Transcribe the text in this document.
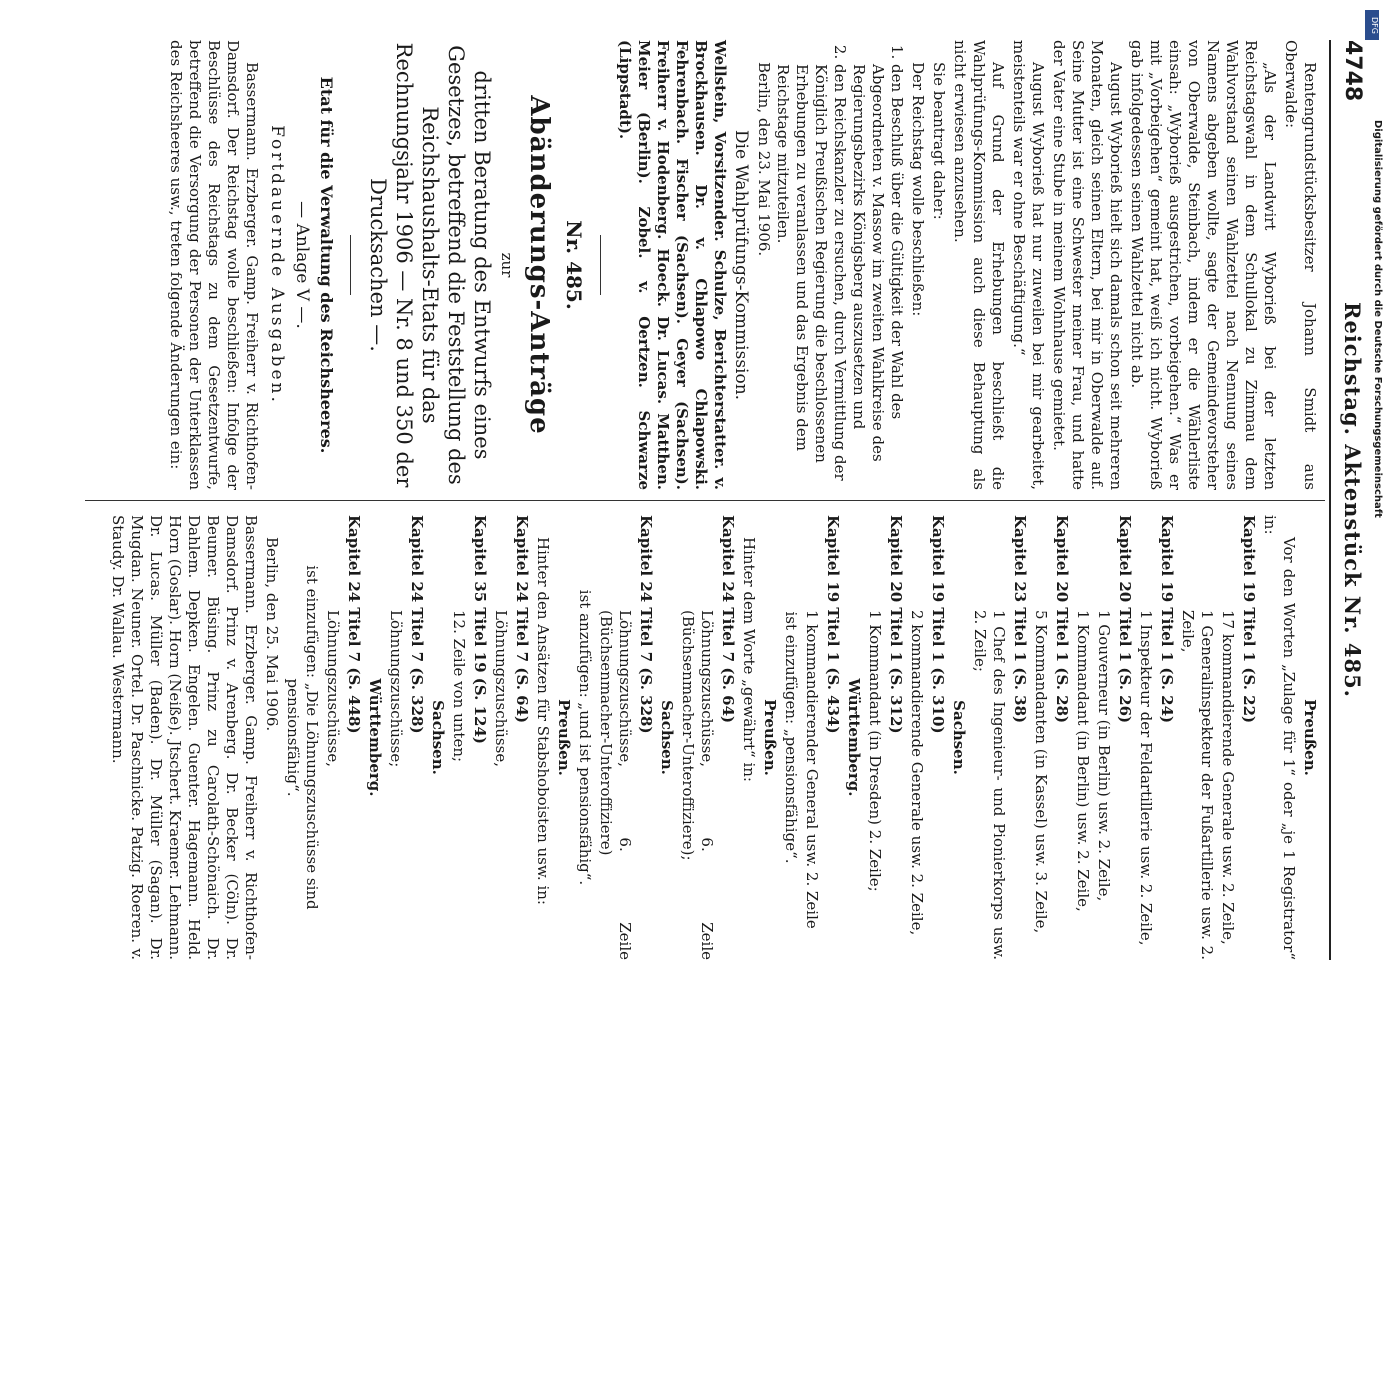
4748
Reichstag. Aktenstück Nr. 485.

Rentengrundstücksbesitzer Johann Smidt aus Oberwalde:

„Als der Landwirt Wyborieß bei der letzten Reichstagswahl in dem Schullokal zu Zimmau dem Wahlvorstand seinen Wahlzettel nach Nennung seines Namens abgeben wollte, sagte der Gemeindevorsteher von Oberwalde, Steinbach, indem er die Wählerliste einsah: „Wyborieß ausgestrichen, vorbeigehen.“ Was er mit „Vorbeigehen“ gemeint hat, weiß ich nicht. Wyborieß gab infolgedessen seinen Wahlzettel nicht ab.

August Wyborieß hielt sich damals schon seit mehreren Monaten, gleich seinen Eltern, bei mir in Oberwalde auf. Seine Mutter ist eine Schwester meiner Frau, und hatte der Vater eine Stube in meinem Wohnhause gemietet.

August Wyborieß hat nur zuweilen bei mir gearbeitet, meistenteils war er ohne Beschäftigung.“

Auf Grund der Erhebungen beschließt die Wahlprüfungs-Kommission auch diese Behauptung als nicht erwiesen anzusehen.

Sie beantragt daher:

Der Reichstag wolle beschließen:

1. den Beschluß über die Gültigkeit der Wahl des Abgeordneten v. Massow im zweiten Wahlkreise des Regierungsbezirks Königsberg auszusetzen und
2. den Reichskanzler zu ersuchen, durch Vermittlung der Königlich Preußischen Regierung die beschlossenen Erhebungen zu veranlassen und das Ergebnis dem Reichstage mitzuteilen.

Berlin, den 23. Mai 1906.

Die Wahlprüfungs-Kommission.

Wellstein, Vorsitzender. Schulze, Berichterstatter. v. Brockhausen. Dr. v. Chlapowo Chlapowski. Fehrenbach. Fischer (Sachsen). Geyer (Sachsen). Freiherr v. Hodenberg. Hoeck. Dr. Lucas. Matthen. Meier (Berlin). Zobel. v. Oertzen. Schwarze (Lippstadt).

Nr. 485.

Abänderungs-Anträge

zur

dritten Beratung des Entwurfs eines Gesetzes, betreffend die Feststellung des Reichshaushalts-Etats für das Rechnungsjahr 1906 — Nr. 8 und 350 der Drucksachen —.

Etat für die Verwaltung des Reichsheeres.

— Anlage V —.

Fortdauernde Ausgaben.

Bassermann. Erzberger. Gamp. Freiherr v. Richthofen-Damsdorf. Der Reichstag wolle beschließen: Infolge der Beschlüsse des Reichstags zu dem Gesetzentwurfe, betreffend die Versorgung der Personen der Unterklassen des Reichsheeres usw., treten folgende Änderungen ein:

Preußen.

Vor den Worten „Zulage für 1“ oder „je 1 Registrator“ in:

Kapitel 19 Titel 1 (S. 22)

17 kommandierende Generale usw. 2. Zeile,

1 Generalinspekteur der Fußartillerie usw. 2. Zeile,

Kapitel 19 Titel 1 (S. 24)

1 Inspekteur der Feldartillerie usw. 2. Zeile,

Kapitel 20 Titel 1 (S. 26)

1 Gouverneur (in Berlin) usw. 2. Zeile,

1 Kommandant (in Berlin) usw. 2. Zeile,

Kapitel 20 Titel 1 (S. 28)

5 Kommandanten (in Kassel) usw. 3. Zeile,

Kapitel 23 Titel 1 (S. 38)

1 Chef des Ingenieur- und Pionierkorps usw. 2. Zeile;

Sachsen.

Kapitel 19 Titel 1 (S. 310)

2 kommandierende Generale usw. 2. Zeile,

Kapitel 20 Titel 1 (S. 312)

1 Kommandant (in Dresden) 2. Zeile;

Württemberg.

Kapitel 19 Titel 1 (S. 434)

1 kommandierender General usw. 2. Zeile

ist einzufügen: „pensionsfähige“.

Preußen.

Hinter dem Worte „gewährt“ in:

Kapitel 24 Titel 7 (S. 64)

Löhnungszuschüsse, 6. Zeile (Büchsenmacher-Unteroffiziere);

Sachsen.

Kapitel 24 Titel 7 (S. 328)

Löhnungszuschüsse, 6. Zeile (Büchsenmacher-Unteroffiziere)

ist anzufügen: „und ist pensionsfähig“.

Preußen.

Hinter den Ansätzen für Stabshoboisten usw. in:

Kapitel 24 Titel 7 (S. 64)

Löhnungszuschüsse,

Kapitel 35 Titel 19 (S. 124)

12. Zeile von unten;

Sachsen.

Kapitel 24 Titel 7 (S. 328)

Löhnungszuschüsse;

Württemberg.

Kapitel 24 Titel 7 (S. 448)

Löhnungszuschüsse,

ist einzufügen: „Die Löhnungszuschüsse sind pensionsfähig“.

Berlin, den 25. Mai 1906.

Bassermann. Erzberger. Gamp. Freiherr v. Richthofen-Damsdorf. Prinz v. Arenberg. Dr. Becker (Cöln). Dr. Beumer. Büsing. Prinz zu Carolath-Schönaich. Dr. Dahlem. Depken. Engelen. Guenter. Hagemann. Held. Horn (Goslar). Horn (Neiße). Jtschert. Kraemer. Lehmann. Dr. Lucas. Müller (Baden). Dr. Müller (Sagan). Dr. Mugdan. Neuner. Ortel. Dr. Paschnicke. Patzig. Roeren. v. Staudy. Dr. Wallau. Westermann.

DFG
Digitalisierung gefördert durch die Deutsche Forschungsgemeinschaft
